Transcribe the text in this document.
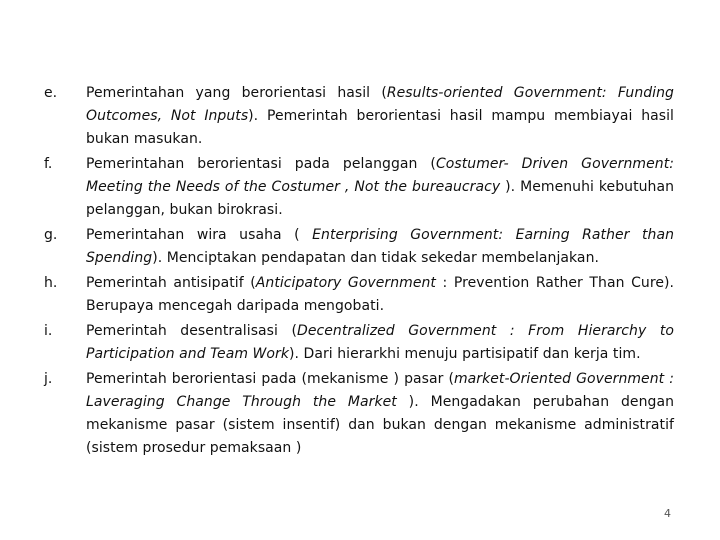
e.	Pemerintahan yang berorientasi hasil (Results-oriented Government: Funding Outcomes, Not Inputs). Pemerintah berorientasi hasil mampu membiayai hasil bukan masukan.
f.	Pemerintahan berorientasi pada pelanggan (Costumer- Driven Government: Meeting the Needs of the Costumer , Not the bureaucracy ). Memenuhi kebutuhan pelanggan, bukan birokrasi.
g.	Pemerintahan wira usaha ( Enterprising Government: Earning Rather than Spending). Menciptakan pendapatan dan tidak sekedar membelanjakan.
h.	Pemerintah antisipatif (Anticipatory Government : Prevention Rather Than Cure). Berupaya mencegah daripada mengobati.
i.	Pemerintah desentralisasi (Decentralized Government : From Hierarchy to Participation and Team Work). Dari hierarkhi menuju partisipatif dan kerja tim.
j.	Pemerintah berorientasi pada (mekanisme ) pasar (market-Oriented Government : Laveraging Change Through the Market ). Mengadakan perubahan dengan mekanisme pasar (sistem insentif) dan bukan dengan mekanisme administratif (sistem prosedur pemaksaan )
4
